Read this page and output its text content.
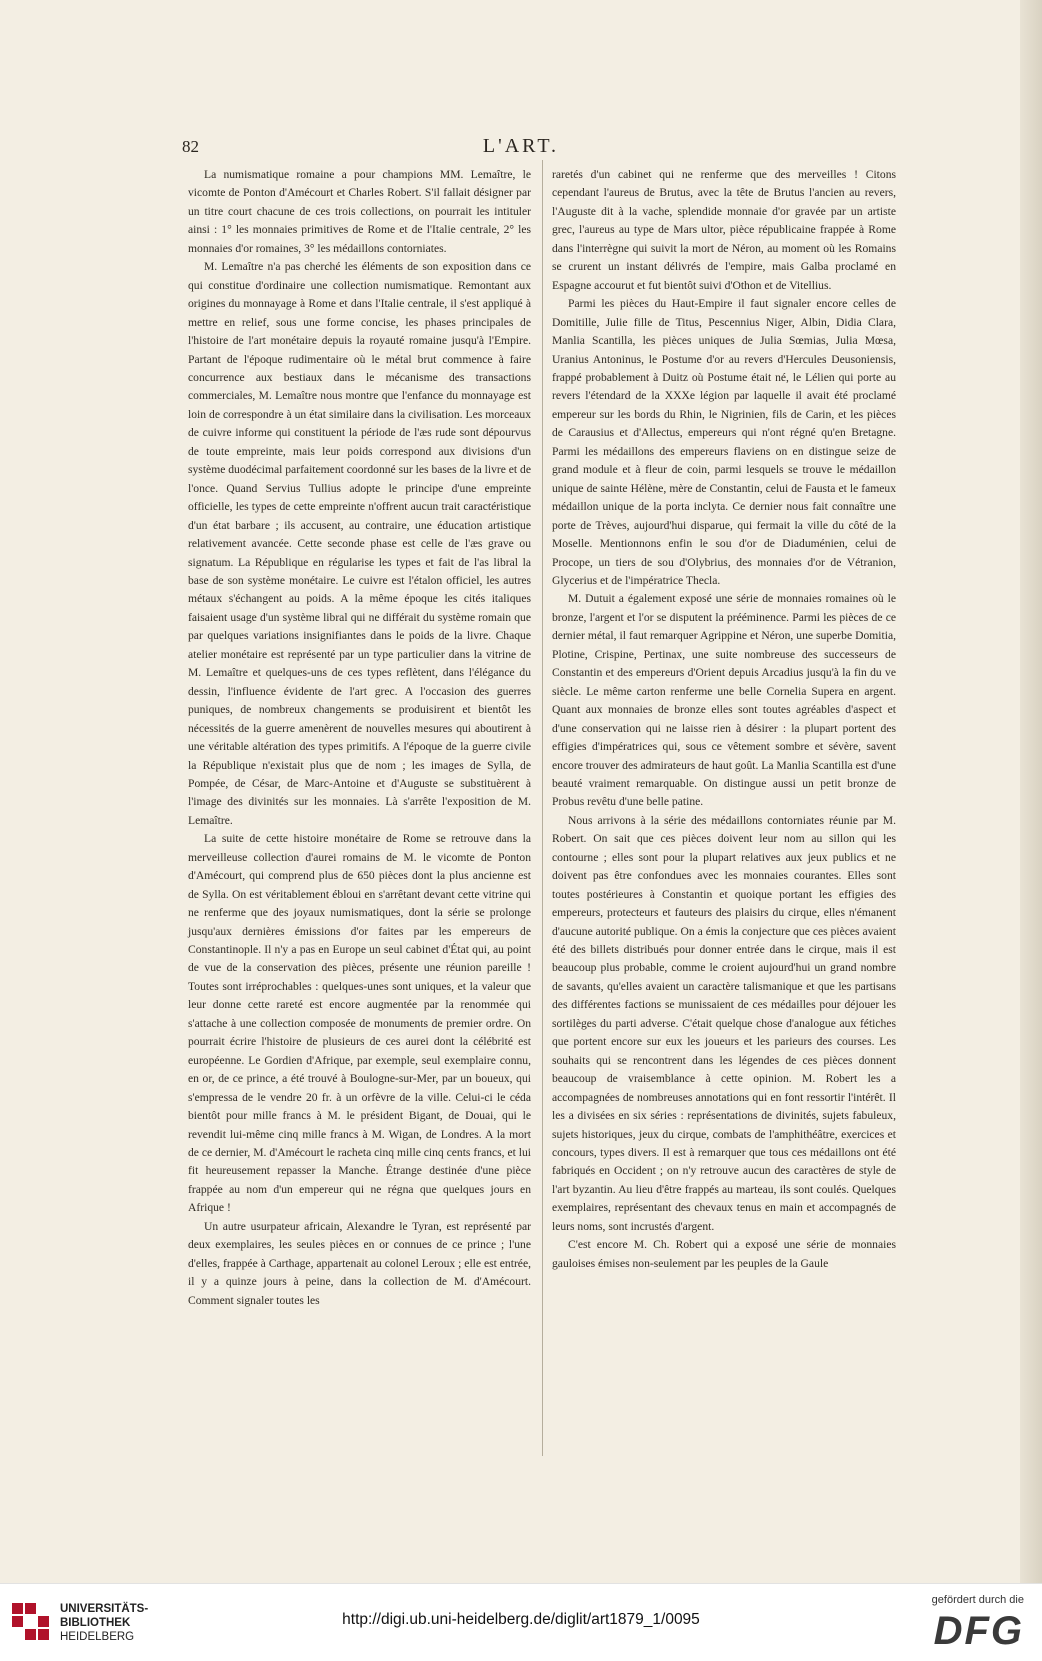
82	L'ART.

La numismatique romaine a pour champions MM. Lemaître, le vicomte de Ponton d'Amécourt et Charles Robert. S'il fallait désigner par un titre court chacune de ces trois collections, on pourrait les intituler ainsi : 1° les monnaies primitives de Rome et de l'Italie centrale, 2° les monnaies d'or romaines, 3° les médaillons contorniates.

M. Lemaître n'a pas cherché les éléments de son exposition dans ce qui constitue d'ordinaire une collection numismatique. Remontant aux origines du monnayage à Rome et dans l'Italie centrale, il s'est appliqué à mettre en relief, sous une forme concise, les phases principales de l'histoire de l'art monétaire depuis la royauté romaine jusqu'à l'Empire. Partant de l'époque rudimentaire où le métal brut commence à faire concurrence aux bestiaux dans le mécanisme des transactions commerciales, M. Lemaître nous montre que l'enfance du monnayage est loin de correspondre à un état similaire dans la civilisation. Les morceaux de cuivre informe qui constituent la période de l'æs rude sont dépourvus de toute empreinte, mais leur poids correspond aux divisions d'un système duodécimal parfaitement coordonné sur les bases de la livre et de l'once. Quand Servius Tullius adopte le principe d'une empreinte officielle, les types de cette empreinte n'offrent aucun trait caractéristique d'un état barbare ; ils accusent, au contraire, une éducation artistique relativement avancée. Cette seconde phase est celle de l'æs grave ou signatum. La République en régularise les types et fait de l'as libral la base de son système monétaire. Le cuivre est l'étalon officiel, les autres métaux s'échangent au poids. A la même époque les cités italiques faisaient usage d'un système libral qui ne différait du système romain que par quelques variations insignifiantes dans le poids de la livre. Chaque atelier monétaire est représenté par un type particulier dans la vitrine de M. Lemaître et quelques-uns de ces types reflètent, dans l'élégance du dessin, l'influence évidente de l'art grec. A l'occasion des guerres puniques, de nombreux changements se produisirent et bientôt les nécessités de la guerre amenèrent de nouvelles mesures qui aboutirent à une véritable altération des types primitifs. A l'époque de la guerre civile la République n'existait plus que de nom ; les images de Sylla, de Pompée, de César, de Marc-Antoine et d'Auguste se substituèrent à l'image des divinités sur les monnaies. Là s'arrête l'exposition de M. Lemaître.

La suite de cette histoire monétaire de Rome se retrouve dans la merveilleuse collection d'aurei romains de M. le vicomte de Ponton d'Amécourt, qui comprend plus de 650 pièces dont la plus ancienne est de Sylla. On est véritablement ébloui en s'arrêtant devant cette vitrine qui ne renferme que des joyaux numismatiques, dont la série se prolonge jusqu'aux dernières émissions d'or faites par les empereurs de Constantinople. Il n'y a pas en Europe un seul cabinet d'État qui, au point de vue de la conservation des pièces, présente une réunion pareille ! Toutes sont irréprochables : quelques-unes sont uniques, et la valeur que leur donne cette rareté est encore augmentée par la renommée qui s'attache à une collection composée de monuments de premier ordre. On pourrait écrire l'histoire de plusieurs de ces aurei dont la célébrité est européenne. Le Gordien d'Afrique, par exemple, seul exemplaire connu, en or, de ce prince, a été trouvé à Boulogne-sur-Mer, par un boueux, qui s'empressa de le vendre 20 fr. à un orfèvre de la ville. Celui-ci le céda bientôt pour mille francs à M. le président Bigant, de Douai, qui le revendit lui-même cinq mille francs à M. Wigan, de Londres. A la mort de ce dernier, M. d'Amécourt le racheta cinq mille cinq cents francs, et lui fit heureusement repasser la Manche. Étrange destinée d'une pièce frappée au nom d'un empereur qui ne régna que quelques jours en Afrique !

Un autre usurpateur africain, Alexandre le Tyran, est représenté par deux exemplaires, les seules pièces en or connues de ce prince ; l'une d'elles, frappée à Carthage, appartenait au colonel Leroux ; elle est entrée, il y a quinze jours à peine, dans la collection de M. d'Amécourt. Comment signaler toutes les

raretés d'un cabinet qui ne renferme que des merveilles ! Citons cependant l'aureus de Brutus, avec la tête de Brutus l'ancien au revers, l'Auguste dit à la vache, splendide monnaie d'or gravée par un artiste grec, l'aureus au type de Mars ultor, pièce républicaine frappée à Rome dans l'interrègne qui suivit la mort de Néron, au moment où les Romains se crurent un instant délivrés de l'empire, mais Galba proclamé en Espagne accourut et fut bientôt suivi d'Othon et de Vitellius.

Parmi les pièces du Haut-Empire il faut signaler encore celles de Domitille, Julie fille de Titus, Pescennius Niger, Albin, Didia Clara, Manlia Scantilla, les pièces uniques de Julia Sœmias, Julia Mœsa, Uranius Antoninus, le Postume d'or au revers d'Hercules Deusoniensis, frappé probablement à Duitz où Postume était né, le Lélien qui porte au revers l'étendard de la XXXe légion par laquelle il avait été proclamé empereur sur les bords du Rhin, le Nigrinien, fils de Carin, et les pièces de Carausius et d'Allectus, empereurs qui n'ont régné qu'en Bretagne. Parmi les médaillons des empereurs flaviens on en distingue seize de grand module et à fleur de coin, parmi lesquels se trouve le médaillon unique de sainte Hélène, mère de Constantin, celui de Fausta et le fameux médaillon unique de la porta inclyta. Ce dernier nous fait connaître une porte de Trèves, aujourd'hui disparue, qui fermait la ville du côté de la Moselle. Mentionnons enfin le sou d'or de Diaduménien, celui de Procope, un tiers de sou d'Olybrius, des monnaies d'or de Vétranion, Glycerius et de l'impératrice Thecla.

M. Dutuit a également exposé une série de monnaies romaines où le bronze, l'argent et l'or se disputent la prééminence. Parmi les pièces de ce dernier métal, il faut remarquer Agrippine et Néron, une superbe Domitia, Plotine, Crispine, Pertinax, une suite nombreuse des successeurs de Constantin et des empereurs d'Orient depuis Arcadius jusqu'à la fin du ve siècle. Le même carton renferme une belle Cornelia Supera en argent. Quant aux monnaies de bronze elles sont toutes agréables d'aspect et d'une conservation qui ne laisse rien à désirer : la plupart portent des effigies d'impératrices qui, sous ce vêtement sombre et sévère, savent encore trouver des admirateurs de haut goût. La Manlia Scantilla est d'une beauté vraiment remarquable. On distingue aussi un petit bronze de Probus revêtu d'une belle patine.

Nous arrivons à la série des médaillons contorniates réunie par M. Robert. On sait que ces pièces doivent leur nom au sillon qui les contourne ; elles sont pour la plupart relatives aux jeux publics et ne doivent pas être confondues avec les monnaies courantes. Elles sont toutes postérieures à Constantin et quoique portant les effigies des empereurs, protecteurs et fauteurs des plaisirs du cirque, elles n'émanent d'aucune autorité publique. On a émis la conjecture que ces pièces avaient été des billets distribués pour donner entrée dans le cirque, mais il est beaucoup plus probable, comme le croient aujourd'hui un grand nombre de savants, qu'elles avaient un caractère talismanique et que les partisans des différentes factions se munissaient de ces médailles pour déjouer les sortilèges du parti adverse. C'était quelque chose d'analogue aux fétiches que portent encore sur eux les joueurs et les parieurs des courses. Les souhaits qui se rencontrent dans les légendes de ces pièces donnent beaucoup de vraisemblance à cette opinion. M. Robert les a accompagnées de nombreuses annotations qui en font ressortir l'intérêt. Il les a divisées en six séries : représentations de divinités, sujets fabuleux, sujets historiques, jeux du cirque, combats de l'amphithéâtre, exercices et concours, types divers. Il est à remarquer que tous ces médaillons ont été fabriqués en Occident ; on n'y retrouve aucun des caractères de style de l'art byzantin. Au lieu d'être frappés au marteau, ils sont coulés. Quelques exemplaires, représentant des chevaux tenus en main et accompagnés de leurs noms, sont incrustés d'argent.

C'est encore M. Ch. Robert qui a exposé une série de monnaies gauloises émises non-seulement par les peuples de la Gaule

UNIVERSITÄTS-
BIBLIOTHEK
HEIDELBERG
http://digi.ub.uni-heidelberg.de/diglit/art1879_1/0095
gefördert durch die
DFG
